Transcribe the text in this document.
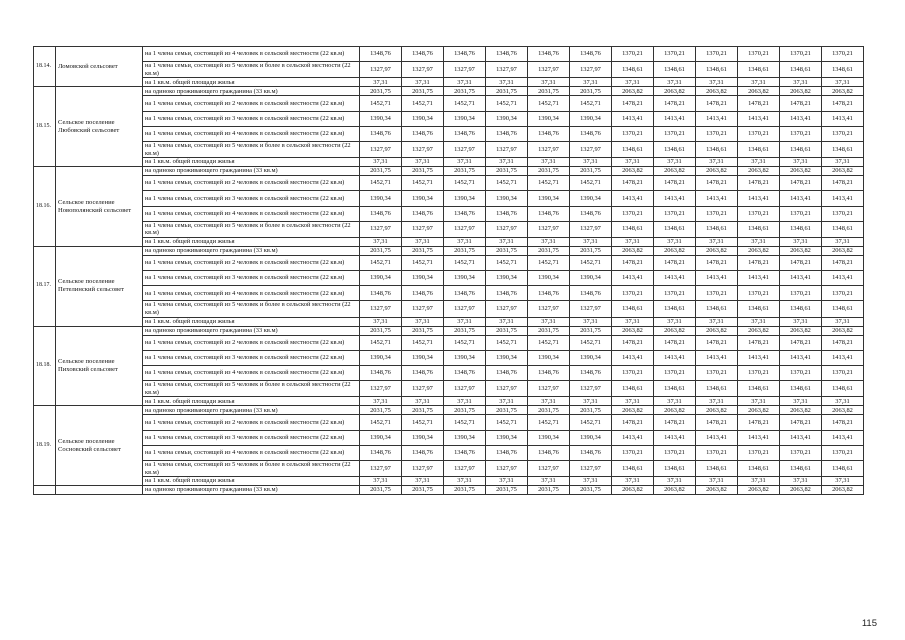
18.14.	Ломовской сельсовет	на 1 члена семьи, состоящей из 4 человек в сельской местности (22 кв.м)	1348,76	1348,76	1348,76	1348,76	1348,76	1348,76	1370,21	1370,21	1370,21	1370,21	1370,21	1370,21
		на 1 члена семьи, состоящей из 5 человек и более в сельской местности (22 кв.м)	1327,97	1327,97	1327,97	1327,97	1327,97	1327,97	1348,61	1348,61	1348,61	1348,61	1348,61	1348,61
		на 1 кв.м. общей площади жилья	37,31	37,31	37,31	37,31	37,31	37,31	37,31	37,31	37,31	37,31	37,31	37,31
18.15.	Сельское поселение Любовский сельсовет	на одиноко проживающего гражданина (33 кв.м)	2031,75	2031,75	2031,75	2031,75	2031,75	2031,75	2063,82	2063,82	2063,82	2063,82	2063,82	2063,82
		на 1 члена семьи, состоящей из 2 человек в сельской местности (22 кв.м)	1452,71	1452,71	1452,71	1452,71	1452,71	1452,71	1478,21	1478,21	1478,21	1478,21	1478,21	1478,21
		на 1 члена семьи, состоящей из 3 человек в сельской местности (22 кв.м)	1390,34	1390,34	1390,34	1390,34	1390,34	1390,34	1413,41	1413,41	1413,41	1413,41	1413,41	1413,41
		на 1 члена семьи, состоящей из 4 человек в сельской местности (22 кв.м)	1348,76	1348,76	1348,76	1348,76	1348,76	1348,76	1370,21	1370,21	1370,21	1370,21	1370,21	1370,21
		на 1 члена семьи, состоящей из 5 человек и более в сельской местности (22 кв.м)	1327,97	1327,97	1327,97	1327,97	1327,97	1327,97	1348,61	1348,61	1348,61	1348,61	1348,61	1348,61
		на 1 кв.м. общей площади жилья	37,31	37,31	37,31	37,31	37,31	37,31	37,31	37,31	37,31	37,31	37,31	37,31
18.16.	Сельское поселение Новополянский сельсовет	на одиноко проживающего гражданина (33 кв.м)	2031,75	2031,75	2031,75	2031,75	2031,75	2031,75	2063,82	2063,82	2063,82	2063,82	2063,82	2063,82
		на 1 члена семьи, состоящей из 2 человек в сельской местности (22 кв.м)	1452,71	1452,71	1452,71	1452,71	1452,71	1452,71	1478,21	1478,21	1478,21	1478,21	1478,21	1478,21
		на 1 члена семьи, состоящей из 3 человек в сельской местности (22 кв.м)	1390,34	1390,34	1390,34	1390,34	1390,34	1390,34	1413,41	1413,41	1413,41	1413,41	1413,41	1413,41
		на 1 члена семьи, состоящей из 4 человек в сельской местности (22 кв.м)	1348,76	1348,76	1348,76	1348,76	1348,76	1348,76	1370,21	1370,21	1370,21	1370,21	1370,21	1370,21
		на 1 члена семьи, состоящей из 5 человек и более в сельской местности (22 кв.м)	1327,97	1327,97	1327,97	1327,97	1327,97	1327,97	1348,61	1348,61	1348,61	1348,61	1348,61	1348,61
		на 1 кв.м. общей площади жилья	37,31	37,31	37,31	37,31	37,31	37,31	37,31	37,31	37,31	37,31	37,31	37,31
18.17.	Сельское поселение Петелинский сельсовет	на одиноко проживающего гражданина (33 кв.м)	2031,75	2031,75	2031,75	2031,75	2031,75	2031,75	2063,82	2063,82	2063,82	2063,82	2063,82	2063,82
		на 1 члена семьи, состоящей из 2 человек в сельской местности (22 кв.м)	1452,71	1452,71	1452,71	1452,71	1452,71	1452,71	1478,21	1478,21	1478,21	1478,21	1478,21	1478,21
		на 1 члена семьи, состоящей из 3 человек в сельской местности (22 кв.м)	1390,34	1390,34	1390,34	1390,34	1390,34	1390,34	1413,41	1413,41	1413,41	1413,41	1413,41	1413,41
		на 1 члена семьи, состоящей из 4 человек в сельской местности (22 кв.м)	1348,76	1348,76	1348,76	1348,76	1348,76	1348,76	1370,21	1370,21	1370,21	1370,21	1370,21	1370,21
		на 1 члена семьи, состоящей из 5 человек и более в сельской местности (22 кв.м)	1327,97	1327,97	1327,97	1327,97	1327,97	1327,97	1348,61	1348,61	1348,61	1348,61	1348,61	1348,61
		на 1 кв.м. общей площади жилья	37,31	37,31	37,31	37,31	37,31	37,31	37,31	37,31	37,31	37,31	37,31	37,31
18.18.	Сельское поселение Пиховский сельсовет	на одиноко проживающего гражданина (33 кв.м)	2031,75	2031,75	2031,75	2031,75	2031,75	2031,75	2063,82	2063,82	2063,82	2063,82	2063,82	2063,82
		на 1 члена семьи, состоящей из 2 человек в сельской местности (22 кв.м)	1452,71	1452,71	1452,71	1452,71	1452,71	1452,71	1478,21	1478,21	1478,21	1478,21	1478,21	1478,21
		на 1 члена семьи, состоящей из 3 человек в сельской местности (22 кв.м)	1390,34	1390,34	1390,34	1390,34	1390,34	1390,34	1413,41	1413,41	1413,41	1413,41	1413,41	1413,41
		на 1 члена семьи, состоящей из 4 человек в сельской местности (22 кв.м)	1348,76	1348,76	1348,76	1348,76	1348,76	1348,76	1370,21	1370,21	1370,21	1370,21	1370,21	1370,21
		на 1 члена семьи, состоящей из 5 человек и более в сельской местности (22 кв.м)	1327,97	1327,97	1327,97	1327,97	1327,97	1327,97	1348,61	1348,61	1348,61	1348,61	1348,61	1348,61
		на 1 кв.м. общей площади жилья	37,31	37,31	37,31	37,31	37,31	37,31	37,31	37,31	37,31	37,31	37,31	37,31
18.19.	Сельское поселение Сосновский сельсовет	на одиноко проживающего гражданина (33 кв.м)	2031,75	2031,75	2031,75	2031,75	2031,75	2031,75	2063,82	2063,82	2063,82	2063,82	2063,82	2063,82
		на 1 члена семьи, состоящей из 2 человек в сельской местности (22 кв.м)	1452,71	1452,71	1452,71	1452,71	1452,71	1452,71	1478,21	1478,21	1478,21	1478,21	1478,21	1478,21
		на 1 члена семьи, состоящей из 3 человек в сельской местности (22 кв.м)	1390,34	1390,34	1390,34	1390,34	1390,34	1390,34	1413,41	1413,41	1413,41	1413,41	1413,41	1413,41
		на 1 члена семьи, состоящей из 4 человек в сельской местности (22 кв.м)	1348,76	1348,76	1348,76	1348,76	1348,76	1348,76	1370,21	1370,21	1370,21	1370,21	1370,21	1370,21
		на 1 члена семьи, состоящей из 5 человек и более в сельской местности (22 кв.м)	1327,97	1327,97	1327,97	1327,97	1327,97	1327,97	1348,61	1348,61	1348,61	1348,61	1348,61	1348,61
		на 1 кв.м. общей площади жилья	37,31	37,31	37,31	37,31	37,31	37,31	37,31	37,31	37,31	37,31	37,31	37,31
		на одиноко проживающего гражданина (33 кв.м)	2031,75	2031,75	2031,75	2031,75	2031,75	2031,75	2063,82	2063,82	2063,82	2063,82	2063,82	2063,82
115
